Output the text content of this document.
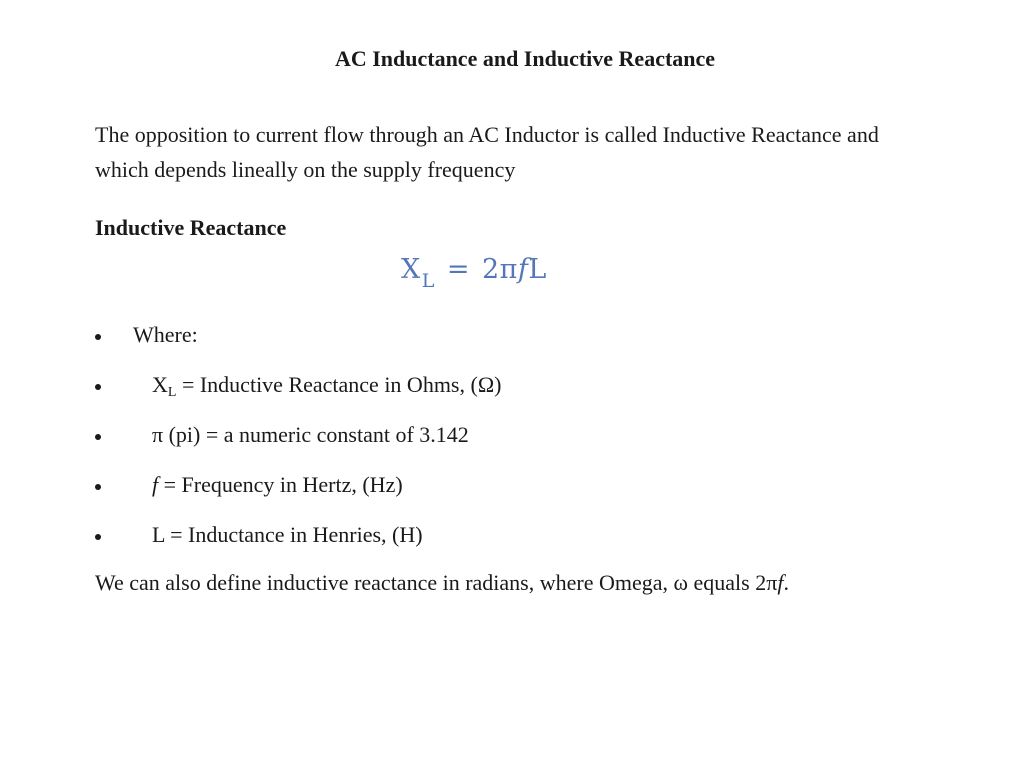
AC Inductance and Inductive Reactance

The opposition to current flow through an AC Inductor is called Inductive Reactance and which depends lineally on the supply frequency

Inductive Reactance
$X_L = 2\pi fL$
Where:
$X_L$ = Inductive Reactance in Ohms, (Ω)
π (pi) = a numeric constant of 3.142
f = Frequency in Hertz, (Hz)
L = Inductance in Henries, (H)

We can also define inductive reactance in radians, where Omega, ω equals 2πf.
